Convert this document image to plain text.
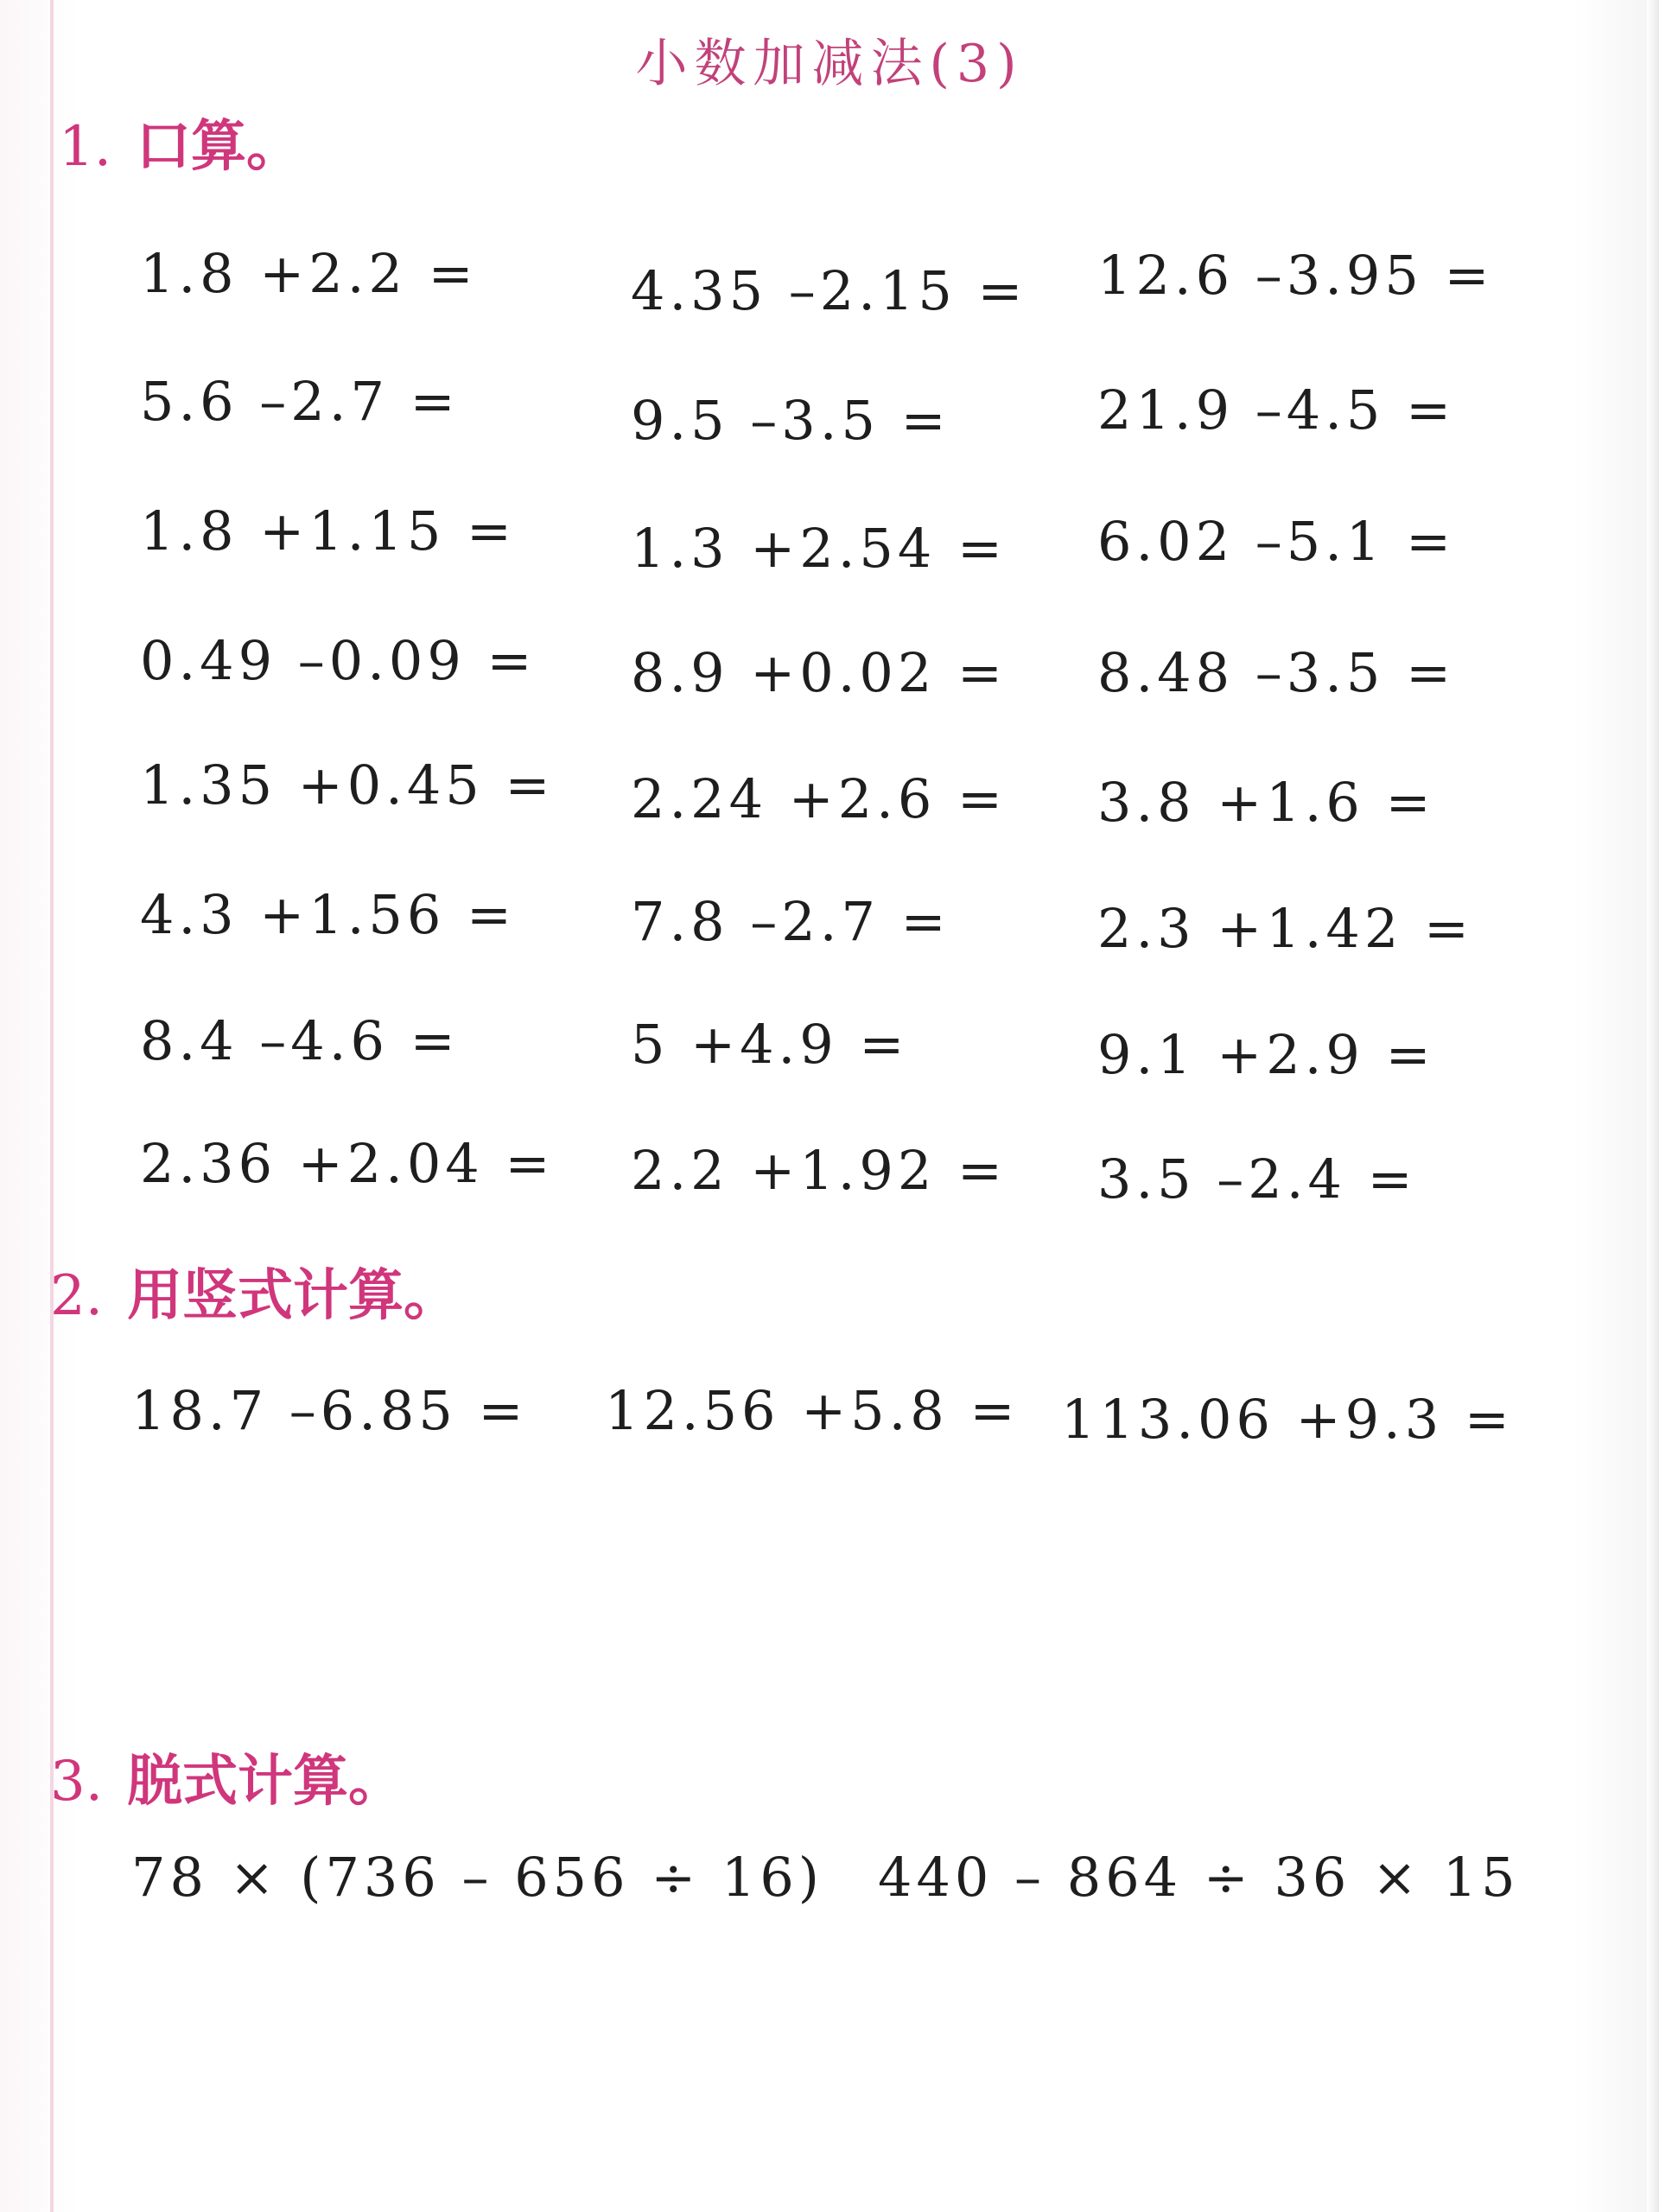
小数加减法(3)
1. 口算。
1.8 +2.2 =	4.35 –2.15 = 12.6 –3.95 =
5.6 –2.7 =	9.5 –3.5 =	21.9 –4.5 =
1.8 +1.15 = 1.3 +2.54 = 6.02 –5.1 =
0.49 –0.09 = 8.9 +0.02 = 8.48 –3.5 =
1.35 +0.45 = 2.24 +2.6 = 3.8 +1.6 =
4.3 +1.56 = 7.8 –2.7 =	2.3 +1.42 =
8.4 –4.6 =	5 +4.9 =	9.1 +2.9 =
2.36 +2.04 = 2.2 +1.92 = 3.5 –2.4 =
2. 用竖式计算。
18.7 –6.85 = 12.56 +5.8 = 113.06 +9.3 =
3. 脱式计算。
78 × (736 – 656 ÷ 16) 440 – 864 ÷ 36 × 15
